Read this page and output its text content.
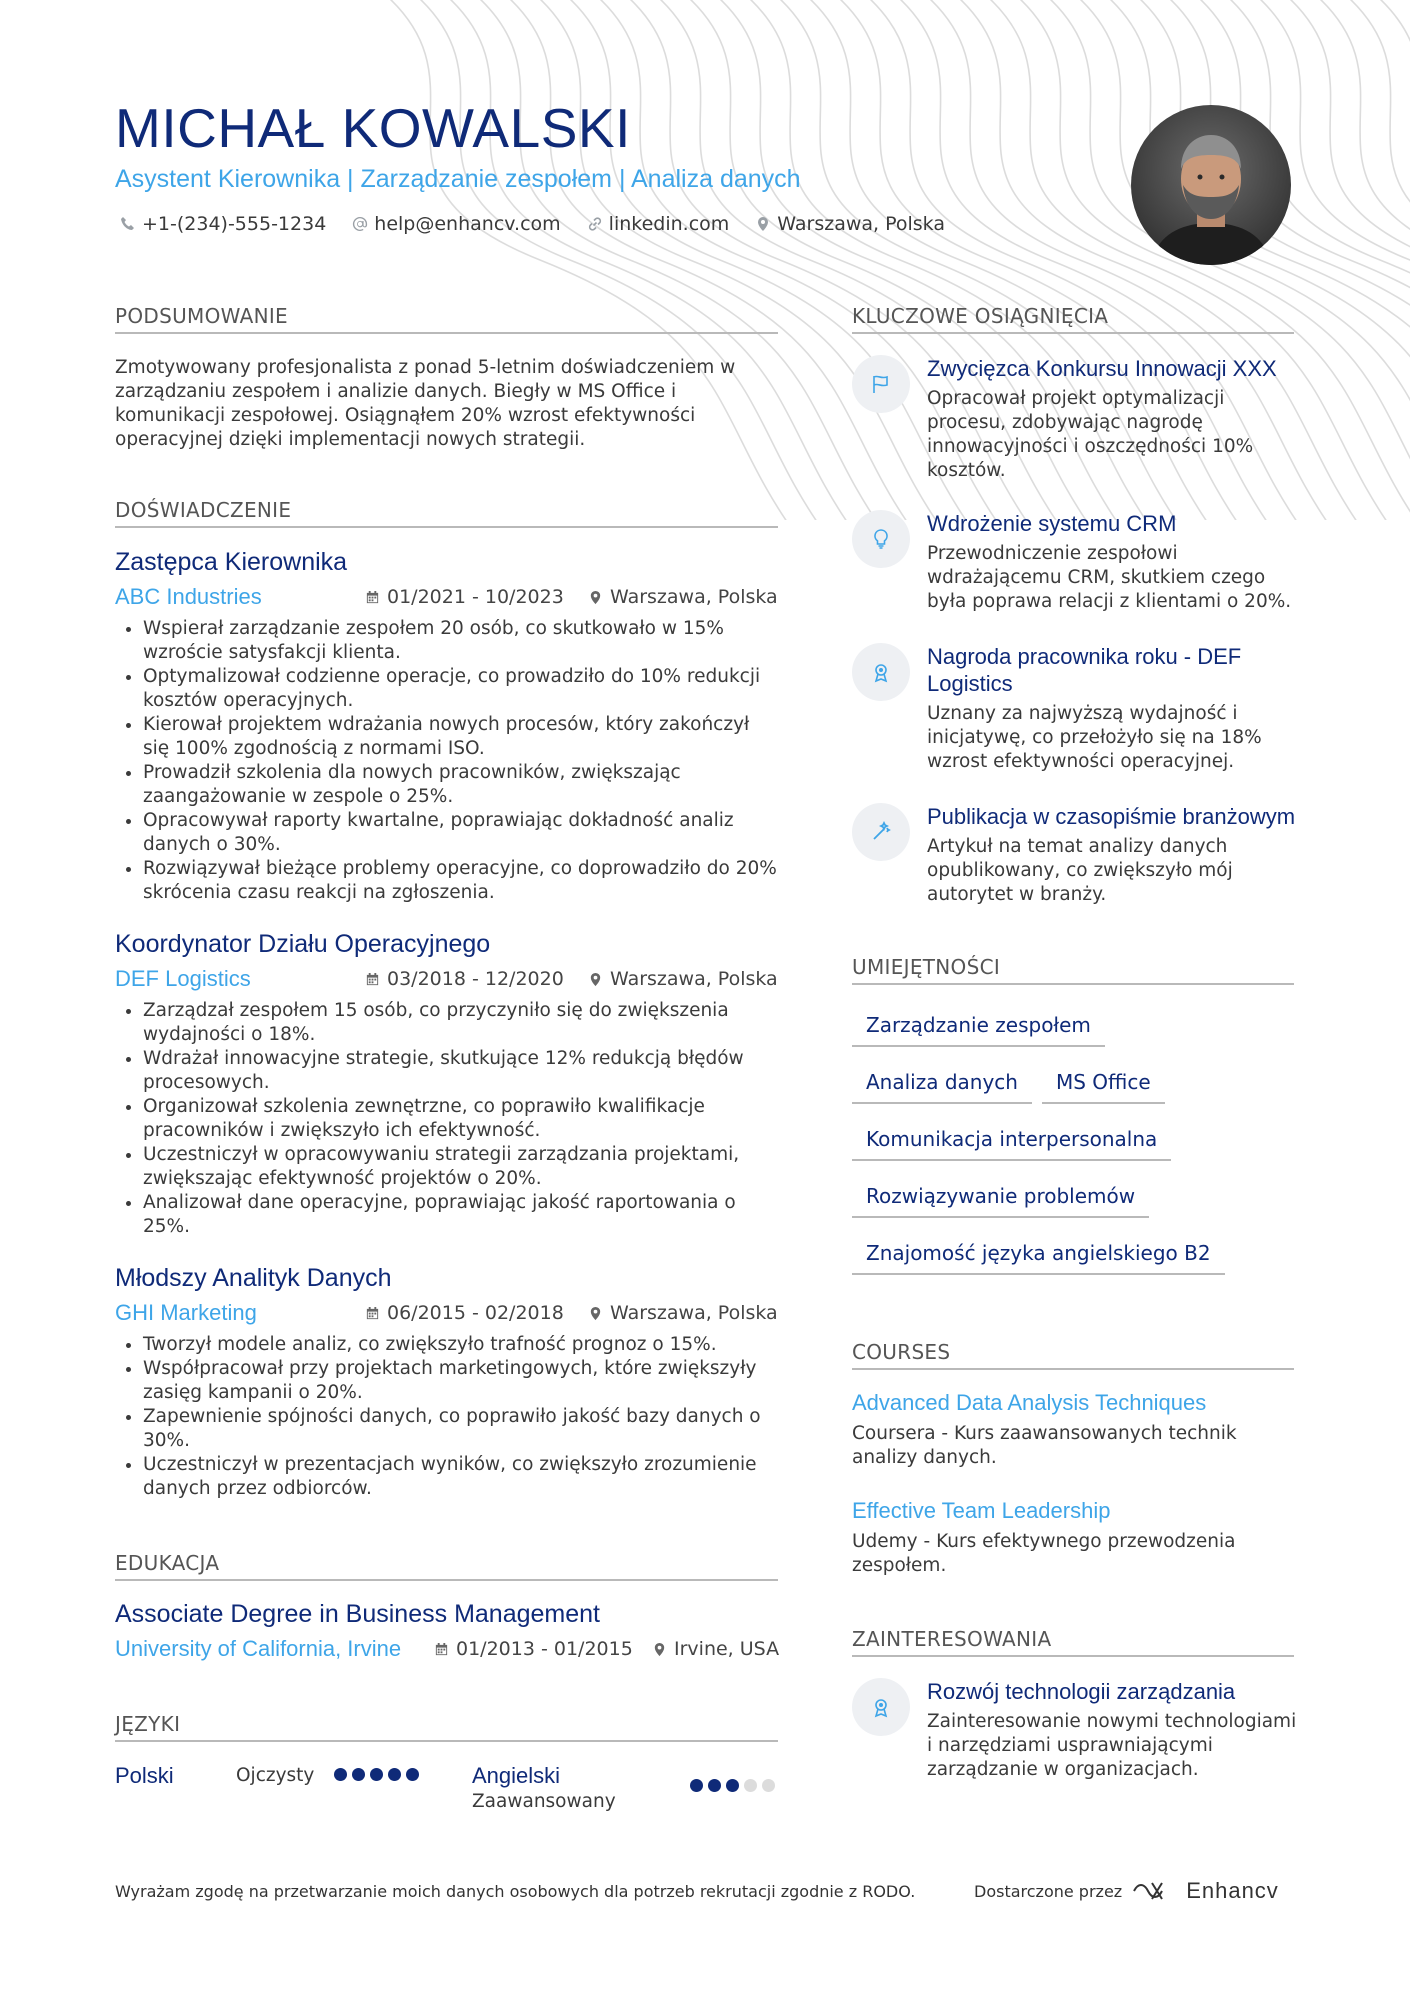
MICHAŁ KOWALSKI
Asystent Kierownika | Zarządzanie zespołem | Analiza danych
+1-(234)-555-1234	help@enhancv.com	linkedin.com	Warszawa, Polska
PODSUMOWANIE
Zmotywowany profesjonalista z ponad 5-letnim doświadczeniem w zarządzaniu zespołem i analizie danych. Biegły w MS Office i komunikacji zespołowej. Osiągnąłem 20% wzrost efektywności operacyjnej dzięki implementacji nowych strategii.
DOŚWIADCZENIE
Zastępca Kierownika
ABC Industries	01/2021 - 10/2023 Warszawa, Polska
• Wspierał zarządzanie zespołem 20 osób, co skutkowało w 15% wzroście satysfakcji klienta.
• Optymalizował codzienne operacje, co prowadziło do 10% redukcji kosztów operacyjnych.
• Kierował projektem wdrażania nowych procesów, który zakończył się 100% zgodnością z normami ISO.
• Prowadził szkolenia dla nowych pracowników, zwiększając zaangażowanie w zespole o 25%.
• Opracowywał raporty kwartalne, poprawiając dokładność analiz danych o 30%.
• Rozwiązywał bieżące problemy operacyjne, co doprowadziło do 20% skrócenia czasu reakcji na zgłoszenia.
Koordynator Działu Operacyjnego
DEF Logistics	03/2018 - 12/2020 Warszawa, Polska
• Zarządzał zespołem 15 osób, co przyczyniło się do zwiększenia wydajności o 18%.
• Wdrażał innowacyjne strategie, skutkujące 12% redukcją błędów procesowych.
• Organizował szkolenia zewnętrzne, co poprawiło kwalifikacje pracowników i zwiększyło ich efektywność.
• Uczestniczył w opracowywaniu strategii zarządzania projektami, zwiększając efektywność projektów o 20%.
• Analizował dane operacyjne, poprawiając jakość raportowania o 25%.
Młodszy Analityk Danych
GHI Marketing	06/2015 - 02/2018 Warszawa, Polska
• Tworzył modele analiz, co zwiększyło trafność prognoz o 15%.
• Współpracował przy projektach marketingowych, które zwiększyły zasięg kampanii o 20%.
• Zapewnienie spójności danych, co poprawiło jakość bazy danych o 30%.
• Uczestniczył w prezentacjach wyników, co zwiększyło zrozumienie danych przez odbiorców.
EDUKACJA
Associate Degree in Business Management
University of California, Irvine	01/2013 - 01/2015 Irvine, USA
JĘZYKI
Polski	Ojczysty	Angielski
Zaawansowany
KLUCZOWE OSIĄGNIĘCIA
Zwycięzca Konkursu Innowacji XXX
Opracował projekt optymalizacji procesu, zdobywając nagrodę innowacyjności i oszczędności 10% kosztów.
Wdrożenie systemu CRM
Przewodniczenie zespołowi wdrażającemu CRM, skutkiem czego była poprawa relacji z klientami o 20%.
Nagroda pracownika roku - DEF Logistics
Uznany za najwyższą wydajność i inicjatywę, co przełożyło się na 18% wzrost efektywności operacyjnej.
Publikacja w czasopiśmie branżowym
Artykuł na temat analizy danych opublikowany, co zwiększyło mój autorytet w branży.
UMIEJĘTNOŚCI
Zarządzanie zespołem
Analiza danych	MS Office
Komunikacja interpersonalna
Rozwiązywanie problemów
Znajomość języka angielskiego B2
COURSES
Advanced Data Analysis Techniques
Coursera - Kurs zaawansowanych technik analizy danych.
Effective Team Leadership
Udemy - Kurs efektywnego przewodzenia zespołem.
ZAINTERESOWANIA
Rozwój technologii zarządzania
Zainteresowanie nowymi technologiami i narzędziami usprawniającymi zarządzanie w organizacjach.
Wyrażam zgodę na przetwarzanie moich danych osobowych dla potrzeb rekrutacji zgodnie z RODO.	Dostarczone przez	Enhancv
